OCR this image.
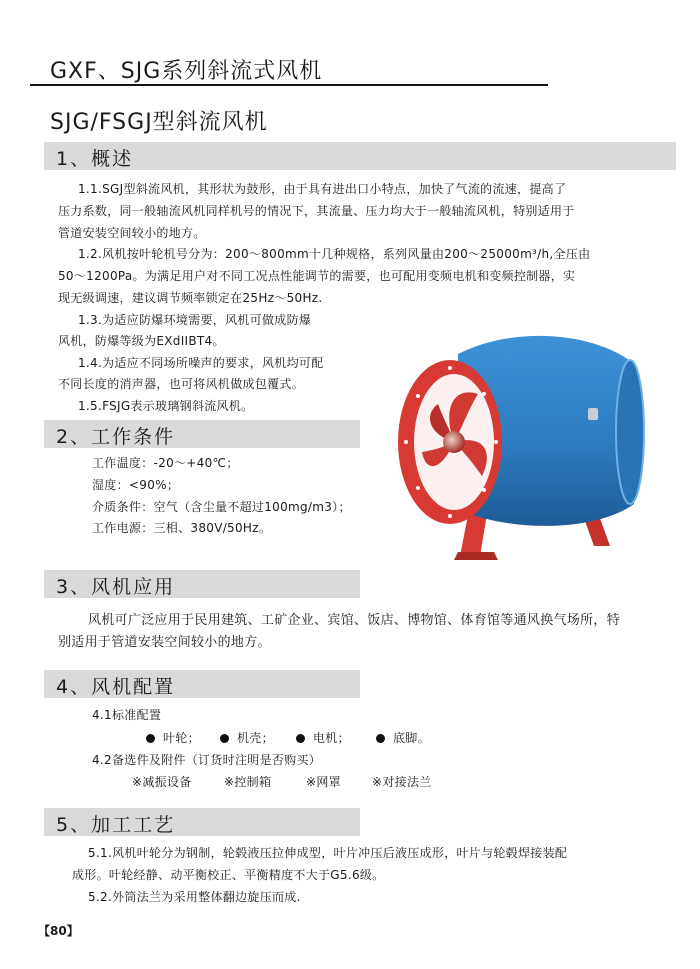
GXF、SJG系列斜流式风机
SJG/FSGJ型斜流风机
1、概述
1.1.SGJ型斜流风机，其形状为鼓形，由于具有进出口小特点，加快了气流的流速，提高了
压力系数，同一般轴流风机同样机号的情况下，其流量、压力均大于一般轴流风机，特别适用于
管道安装空间较小的地方。
1.2.风机按叶轮机号分为：200～800mm十几种规格，系列风量由200～25000m³/h,全压由
50～1200Pa。为满足用户对不同工况点性能调节的需要，也可配用变频电机和变频控制器，实
现无级调速，建议调节频率锁定在25Hz～50Hz.
1.3.为适应防爆环境需要，风机可做成防爆
风机，防爆等级为EXdIIBT4。
1.4.为适应不同场所噪声的要求，风机均可配
不同长度的消声器，也可将风机做成包覆式。
1.5.FSJG表示玻璃钢斜流风机。
2、工作条件
工作温度：-20～+40℃；
湿度：<90%；
介质条件：空气（含尘量不超过100mg/m3）；
工作电源：三相、380V/50Hz。
3、风机应用
风机可广泛应用于民用建筑、工矿企业、宾馆、饭店、博物馆、体育馆等通风换气场所，特
别适用于管道安装空间较小的地方。
4、风机配置
4.1标准配置
叶轮；	机壳；	电机；	底脚。
4.2备选件及附件（订货时注明是否购买）
※减振设备	※控制箱	※网罩	※对接法兰
5、加工工艺
5.1.风机叶轮分为钢制，轮毂液压拉伸成型，叶片冲压后液压成形，叶片与轮毂焊接装配
成形。叶轮经静、动平衡校正、平衡精度不大于G5.6级。
5.2.外筒法兰为采用整体翻边旋压而成.
【80】
